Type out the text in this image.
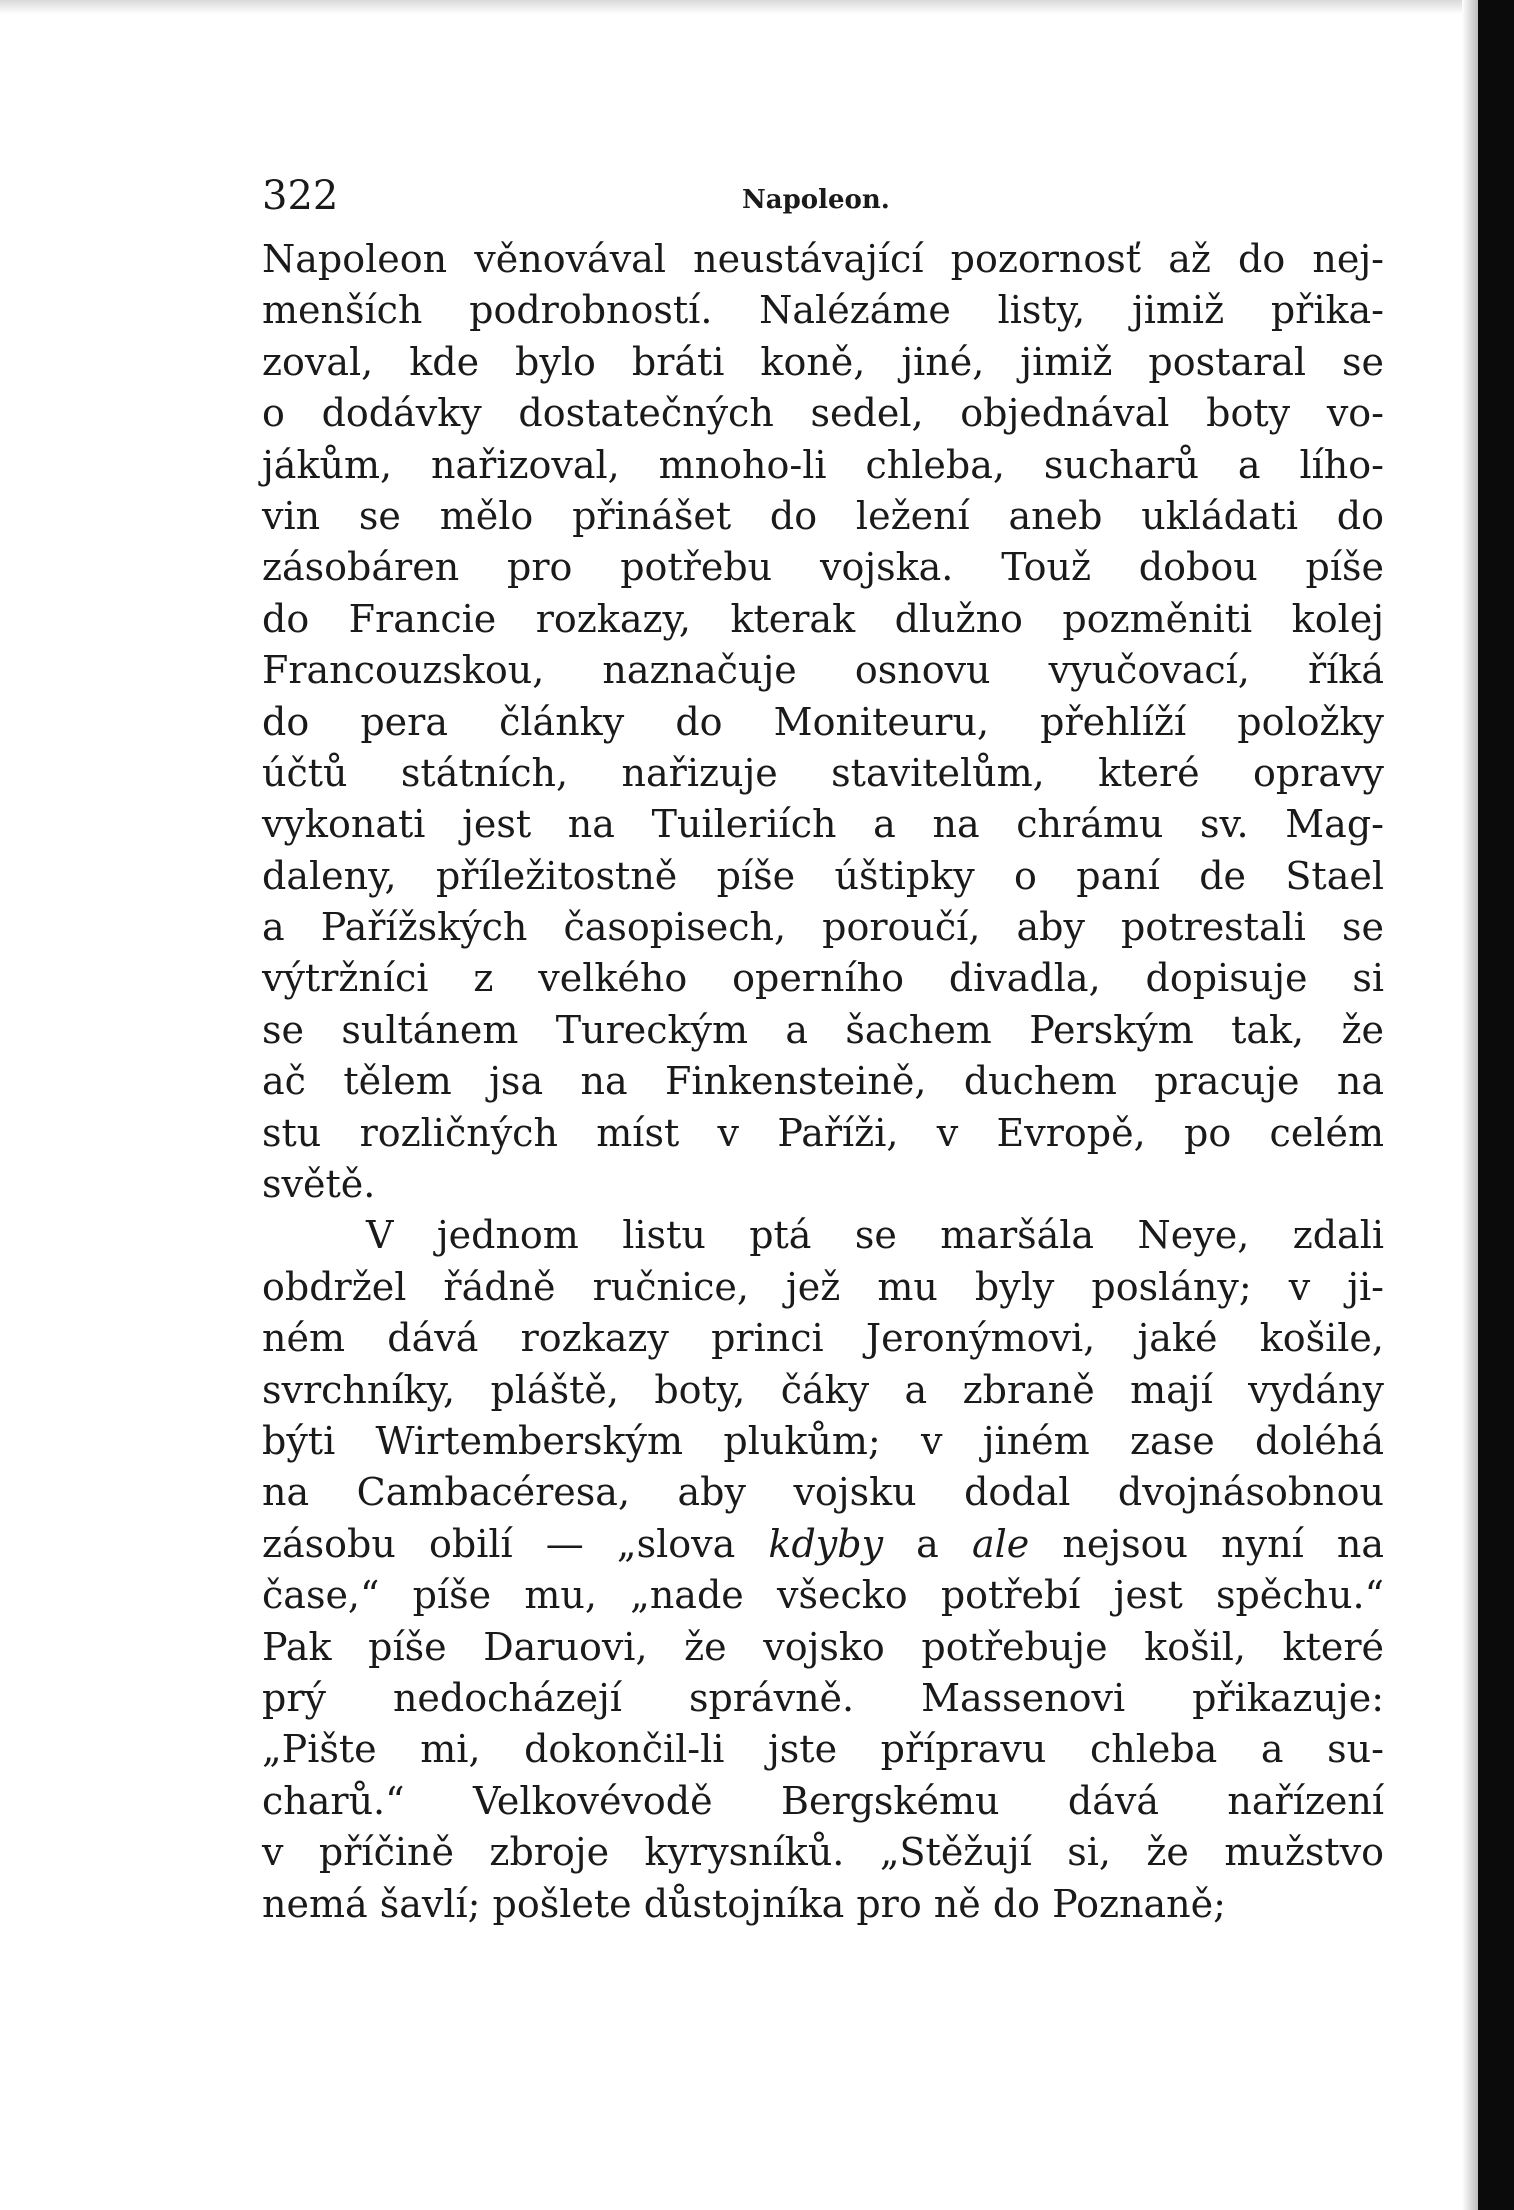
322	Napoleon.
Napoleon věnovával neustávající pozornosť až do nej-
menších podrobností. Nalézáme listy, jimiž přika-
zoval, kde bylo bráti koně, jiné, jimiž postaral se
o dodávky dostatečných sedel, objednával boty vo-
jákům, nařizoval, mnoho-li chleba, sucharů a lího-
vin se mělo přinášet do ležení aneb ukládati do
zásobáren pro potřebu vojska. Touž dobou píše
do Francie rozkazy, kterak dlužno pozměniti kolej
Francouzskou, naznačuje osnovu vyučovací, říká
do pera články do Moniteuru, přehlíží položky
účtů státních, nařizuje stavitelům, které opravy
vykonati jest na Tuileriích a na chrámu sv. Mag-
daleny, příležitostně píše úštipky o paní de Stael
a Pařížských časopisech, poroučí, aby potrestali se
výtržníci z velkého operního divadla, dopisuje si
se sultánem Tureckým a šachem Perským tak, že
ač tělem jsa na Finkensteině, duchem pracuje na
stu rozličných míst v Paříži, v Evropě, po celém
světě.
V jednom listu ptá se maršála Neye, zdali
obdržel řádně ručnice, jež mu byly poslány; v ji-
ném dává rozkazy princi Jeronýmovi, jaké košile,
svrchníky, pláště, boty, čáky a zbraně mají vydány
býti Wirtemberským plukům; v jiném zase doléhá
na Cambacéresa, aby vojsku dodal dvojnásobnou
zásobu obilí — „slova kdyby a ale nejsou nyní na
čase,“ píše mu, „nade všecko potřebí jest spěchu.“
Pak píše Daruovi, že vojsko potřebuje košil, které
prý nedocházejí správně. Massenovi přikazuje:
„Pište mi, dokončil-li jste přípravu chleba a su-
charů.“ Velkovévodě Bergskému dává nařízení
v příčině zbroje kyrysníků. „Stěžují si, že mužstvo
nemá šavlí; pošlete důstojníka pro ně do Poznaně;
